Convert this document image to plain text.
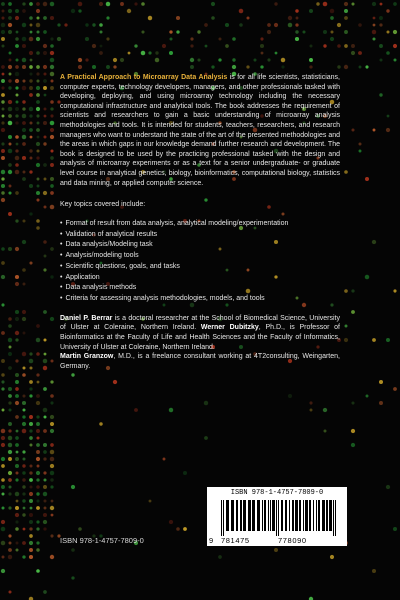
A Practical Approach to Microarray Data Analysis is for all life scientists, statisticians, computer experts, technology developers, managers, and other professionals tasked with developing, deploying, and using microarray technology including the necessary computational infrastructure and analytical tools. The book addresses the requirement of scientists and researchers to gain a basic understanding of microarray analysis methodologies and tools. It is intended for students, teachers, researchers, and research managers who want to understand the state of the art of the presented methodologies and the areas in which gaps in our knowledge demand further research and development. The book is designed to be used by the practicing professional tasked with the design and analysis of microarray experiments or as a text for a senior undergraduate- or graduate level course in analytical genetics, biology, bioinformatics, computational biology, statistics and data mining, or applied computer science.

Key topics covered include:

• Format of result from data analysis, analytical modeling/experimentation
• Validation of analytical results
• Data analysis/Modeling task
• Analysis/modeling tools
• Scientific questions, goals, and tasks
• Application
• Data analysis methods
• Criteria for assessing analysis methodologies, models, and tools

Daniel P. Berrar is a doctoral researcher at the School of Biomedical Science, University of Ulster at Coleraine, Northern Ireland. Werner Dubitzky, Ph.D., is Professor of Bioinformatics at the Faculty of Life and Health Sciences and the Faculty of Informatics, University of Ulster at Coleraine, Northern Ireland.

Martin Granzow, M.D., is a freelance consultant working at 4T2consulting, Weingarten, Germany.

ISBN 978-1-4757-7809-0
9 781475	778090
ISBN 978-1-4757-7809-0
